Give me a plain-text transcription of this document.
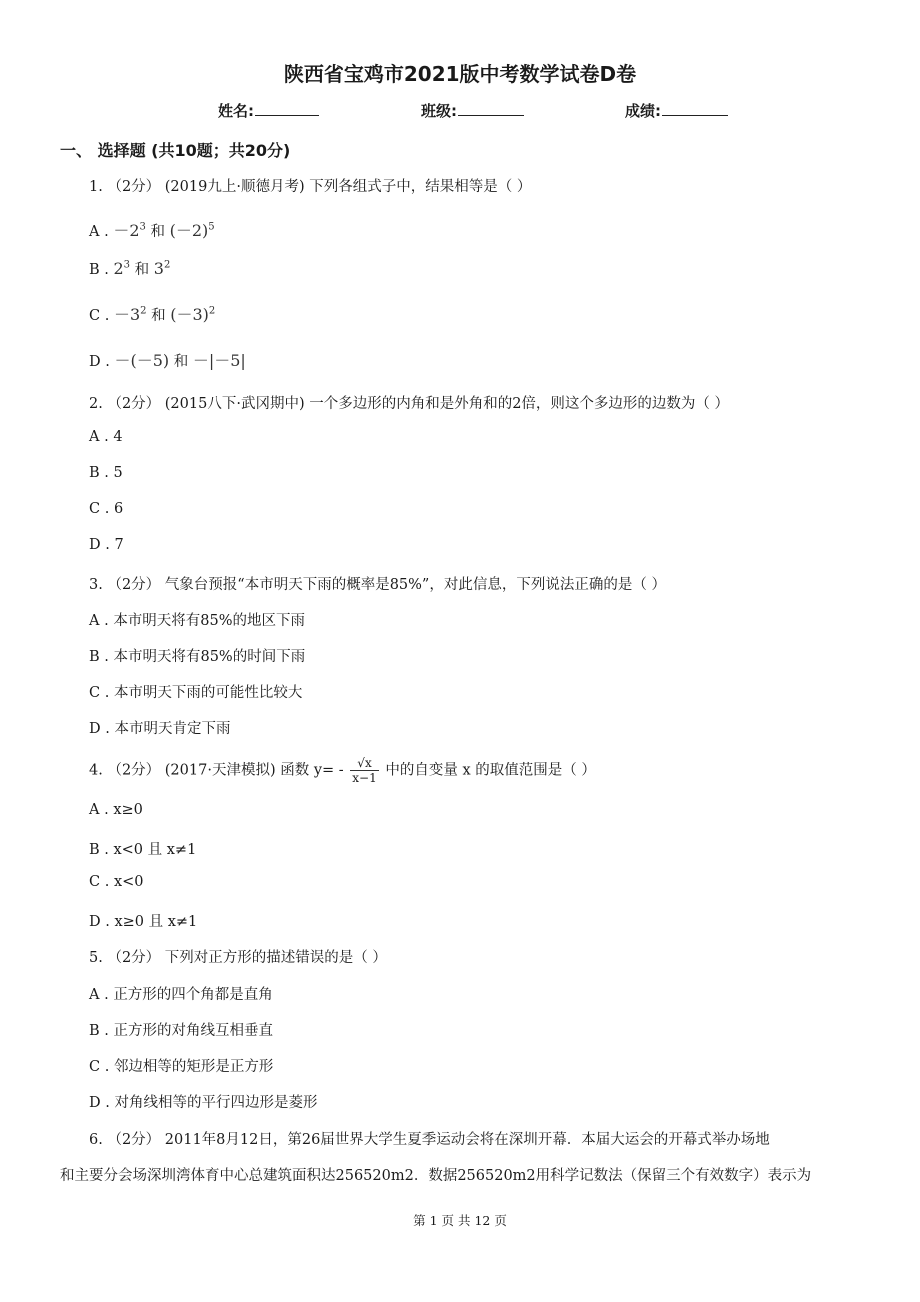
陕西省宝鸡市2021版中考数学试卷D卷
姓名:	班级:	成绩:
一、 选择题 (共10题；共20分)
1. （2分） (2019九上·顺德月考) 下列各组式子中，结果相等是（ ）
A . $-2^3$ 和 $(-2)^5$
B . $2^3$ 和 $3^2$
C . $-3^2$ 和 $(-3)^2$
D . －(－5) 和 －|－5|
2. （2分） (2015八下·武冈期中) 一个多边形的内角和是外角和的2倍，则这个多边形的边数为（ ）
A . 4
B . 5
C . 6
D . 7
3. （2分） 气象台预报“本市明天下雨的概率是85%”，对此信息，下列说法正确的是（ ）
A . 本市明天将有85%的地区下雨
B . 本市明天将有85%的时间下雨
C . 本市明天下雨的可能性比较大
D . 本市明天肯定下雨
4. （2分） (2017·天津模拟) 函数 $y= - \frac{√x}{x-1}$ 中的自变量 x 的取值范围是（ ）
A . x≥0
B . x<0 且 x≠1
C . x<0
D . x≥0 且 x≠1
5. （2分） 下列对正方形的描述错误的是（ ）
A . 正方形的四个角都是直角
B . 正方形的对角线互相垂直
C . 邻边相等的矩形是正方形
D . 对角线相等的平行四边形是菱形
6. （2分） 2011年8月12日，第26届世界大学生夏季运动会将在深圳开幕．本届大运会的开幕式举办场地
和主要分会场深圳湾体育中心总建筑面积达256520m2．数据256520m2用科学记数法（保留三个有效数字）表示为
第 1 页 共 12 页
